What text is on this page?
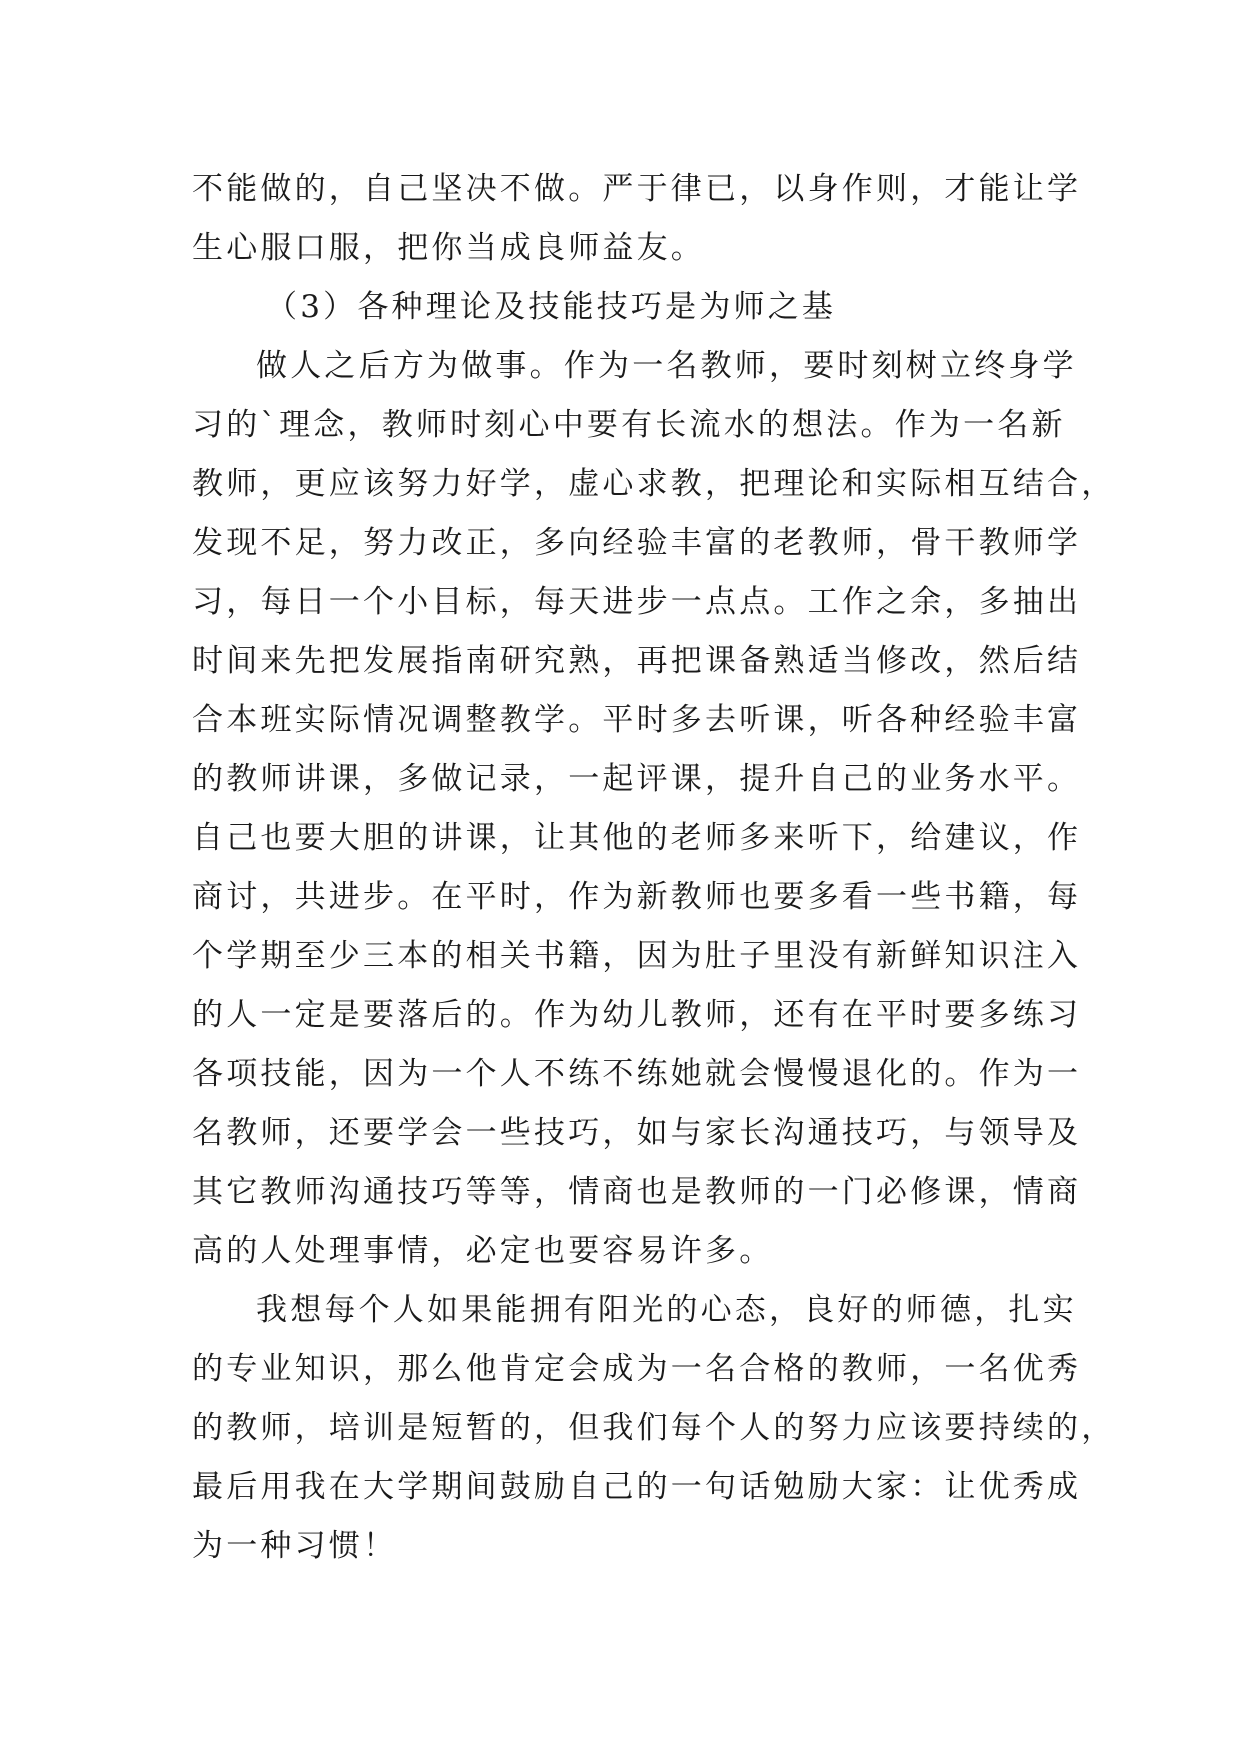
不能做的，自己坚决不做。严于律已，以身作则，才能让学
生心服口服，把你当成良师益友。
（3）各种理论及技能技巧是为师之基
做人之后方为做事。作为一名教师，要时刻树立终身学
习的`理念，教师时刻心中要有长流水的想法。作为一名新
教师，更应该努力好学，虚心求教，把理论和实际相互结合，
发现不足，努力改正，多向经验丰富的老教师，骨干教师学
习，每日一个小目标，每天进步一点点。工作之余，多抽出
时间来先把发展指南研究熟，再把课备熟适当修改，然后结
合本班实际情况调整教学。平时多去听课，听各种经验丰富
的教师讲课，多做记录，一起评课，提升自己的业务水平。
自己也要大胆的讲课，让其他的老师多来听下，给建议，作
商讨，共进步。在平时，作为新教师也要多看一些书籍，每
个学期至少三本的相关书籍，因为肚子里没有新鲜知识注入
的人一定是要落后的。作为幼儿教师，还有在平时要多练习
各项技能，因为一个人不练不练她就会慢慢退化的。作为一
名教师，还要学会一些技巧，如与家长沟通技巧，与领导及
其它教师沟通技巧等等，情商也是教师的一门必修课，情商
高的人处理事情，必定也要容易许多。
我想每个人如果能拥有阳光的心态，良好的师德，扎实
的专业知识，那么他肯定会成为一名合格的教师，一名优秀
的教师，培训是短暂的，但我们每个人的努力应该要持续的，
最后用我在大学期间鼓励自己的一句话勉励大家：让优秀成
为一种习惯！
